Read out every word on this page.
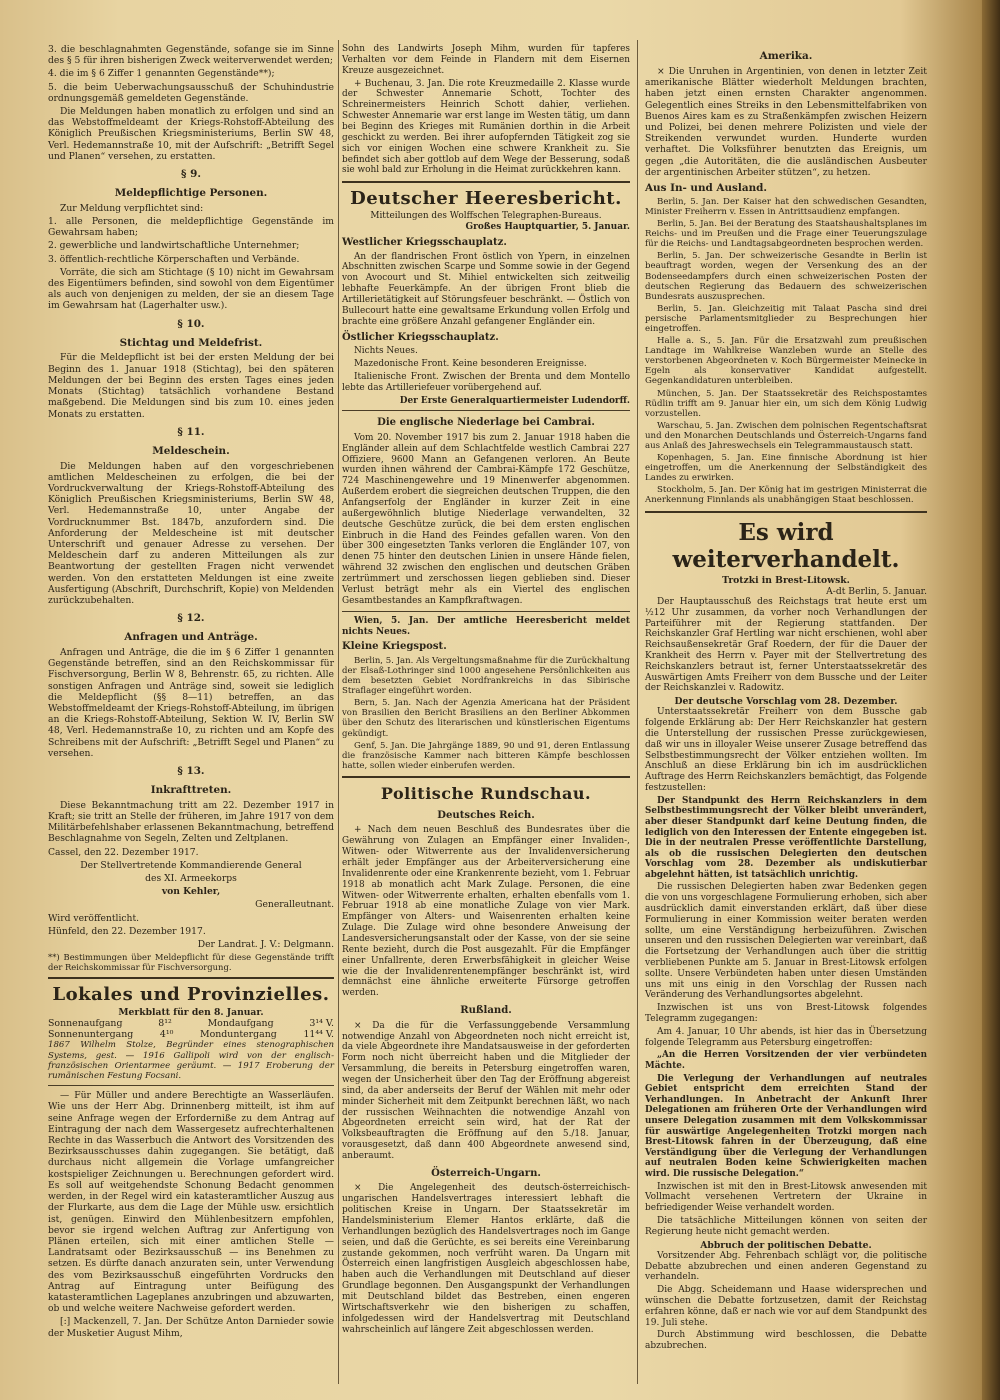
3. die beschlagnahmten Gegenstände, sofange sie im Sinne des § 5 für ihren bisherigen Zweck weiterverwendet werden;

4. die im § 6 Ziffer 1 genannten Gegenstände**);

5. die beim Ueberwachungsausschuß der Schuhindustrie ordnungsgemäß gemeldeten Gegenstände.

Die Meldungen haben monatlich zu erfolgen und sind an das Webstoffmeldeamt der Kriegs-Rohstoff-Abteilung des Königlich Preußischen Kriegsministeriums, Berlin SW 48, Verl. Hedemannstraße 10, mit der Aufschrift: „Betrifft Segel und Planen“ versehen, zu erstatten.

§ 9.
Meldepflichtige Personen.

Zur Meldung verpflichtet sind:

1. alle Personen, die meldepflichtige Gegenstände im Gewahrsam haben;

2. gewerbliche und landwirtschaftliche Unternehmer;

3. öffentlich-rechtliche Körperschaften und Verbände.

Vorräte, die sich am Stichtage (§ 10) nicht im Gewahrsam des Eigentümers befinden, sind sowohl von dem Eigentümer als auch von denjenigen zu melden, der sie an diesem Tage im Gewahrsam hat (Lagerhalter usw.).

§ 10.
Stichtag und Meldefrist.

Für die Meldepflicht ist bei der ersten Meldung der bei Beginn des 1. Januar 1918 (Stichtag), bei den späteren Meldungen der bei Beginn des ersten Tages eines jeden Monats (Stichtag) tatsächlich vorhandene Bestand maßgebend. Die Meldungen sind bis zum 10. eines jeden Monats zu erstatten.

§ 11.
Meldeschein.

Die Meldungen haben auf den vorgeschriebenen amtlichen Meldescheinen zu erfolgen, die bei der Vordruckverwaltung der Kriegs-Rohstoff-Abteilung des Königlich Preußischen Kriegsministeriums, Berlin SW 48, Verl. Hedemannstraße 10, unter Angabe der Vordrucknummer Bst. 1847b, anzufordern sind. Die Anforderung der Meldescheine ist mit deutscher Unterschrift und genauer Adresse zu versehen. Der Meldeschein darf zu anderen Mitteilungen als zur Beantwortung der gestellten Fragen nicht verwendet werden. Von den erstatteten Meldungen ist eine zweite Ausfertigung (Abschrift, Durchschrift, Kopie) von Meldenden zurückzubehalten.

§ 12.
Anfragen und Anträge.

Anfragen und Anträge, die die im § 6 Ziffer 1 genannten Gegenstände betreffen, sind an den Reichskommissar für Fischversorgung, Berlin W 8, Behrenstr. 65, zu richten. Alle sonstigen Anfragen und Anträge sind, soweit sie lediglich die Meldepflicht (§§ 8—11) betreffen, an das Webstoffmeldeamt der Kriegs-Rohstoff-Abteilung, im übrigen an die Kriegs-Rohstoff-Abteilung, Sektion W. IV, Berlin SW 48, Verl. Hedemannstraße 10, zu richten und am Kopfe des Schreibens mit der Aufschrift: „Betrifft Segel und Planen“ zu versehen.

§ 13.
Inkrafttreten.

Diese Bekanntmachung tritt am 22. Dezember 1917 in Kraft; sie tritt an Stelle der früheren, im Jahre 1917 von dem Militärbefehlshaber erlassenen Bekanntmachung, betreffend Beschlagnahme von Segeln, Zelten und Zeltplanen.

Cassel, den 22. Dezember 1917.

Der Stellvertretende Kommandierende General

des XI. Armeekorps

von Kehler,

Generalleutnant.

Wird veröffentlicht.

Hünfeld, den 22. Dezember 1917.

Der Landrat. J. V.: Delgmann.

**) Bestimmungen über Meldepflicht für diese Gegenstände trifft der Reichskommissar für Fischversorgung.

Lokales und Provinzielles.
Merkblatt für den 8. Januar.
Sonnenaufgang	8¹²	Mondaufgang	3¹⁴ V.
Sonnenuntergang	4¹⁰	Monduntergang	11⁴⁴ V.

1867 Wilhelm Stolze, Begründer eines stenographischen Systems, gest. — 1916 Gallipoli wird von der englisch-französischen Orientarmee geräumt. — 1917 Eroberung der rumänischen Festung Focsani.

— Für Müller und andere Berechtigte an Wasserläufen. Wie uns der Herr Abg. Drinnenberg mitteilt, ist ihm auf seine Anfrage wegen der Erforderniße zu dem Antrag auf Eintragung der nach dem Wassergesetz aufrechterhaltenen Rechte in das Wasserbuch die Antwort des Vorsitzenden des Bezirksausschusses dahin zugegangen. Sie betätigt, daß durchaus nicht allgemein die Vorlage umfangreicher kostspieliger Zeichnungen u. Berechnungen gefordert wird. Es soll auf weitgehendste Schonung Bedacht genommen werden, in der Regel wird ein katasteramtlicher Auszug aus der Flurkarte, aus dem die Lage der Mühle usw. ersichtlich ist, genügen. Einwird den Mühlenbesitzern empfohlen, bevor sie irgend welchen Auftrag zur Anfertigung von Plänen erteilen, sich mit einer amtlichen Stelle — Landratsamt oder Bezirksausschuß — ins Benehmen zu setzen. Es dürfte danach anzuraten sein, unter Verwendung des vom Bezirksausschuß eingeführten Vordrucks den Antrag auf Eintragung unter Beifügung des katasteramtlichen Lageplanes anzubringen und abzuwarten, ob und welche weitere Nachweise gefordert werden.

[:] Mackenzell, 7. Jan. Der Schütze Anton Darnieder sowie der Musketier August Mihm,

Sohn des Landwirts Joseph Mihm, wurden für tapferes Verhalten vor dem Feinde in Flandern mit dem Eisernen Kreuze ausgezeichnet.

+ Buchenau, 3. Jan. Die rote Kreuzmedaille 2. Klasse wurde der Schwester Annemarie Schott, Tochter des Schreinermeisters Heinrich Schott dahier, verliehen. Schwester Annemarie war erst lange im Westen tätig, um dann bei Beginn des Krieges mit Rumänien dorthin in die Arbeit geschickt zu werden. Bei ihrer aufopfernden Tätigkeit zog sie sich vor einigen Wochen eine schwere Krankheit zu. Sie befindet sich aber gottlob auf dem Wege der Besserung, sodaß sie wohl bald zur Erholung in die Heimat zurückkehren kann.

Deutscher Heeresbericht.
Mitteilungen des Wolffschen Telegraphen-Bureaus.
Großes Hauptquartier, 5. Januar.
Westlicher Kriegsschauplatz.

An der flandrischen Front östlich von Ypern, in einzelnen Abschnitten zwischen Scarpe und Somme sowie in der Gegend von Avocourt und St. Mihiel entwickelten sich zeitweilig lebhafte Feuerkämpfe. An der übrigen Front blieb die Artillerietätigkeit auf Störungsfeuer beschränkt. — Östlich von Bullecourt hatte eine gewaltsame Erkundung vollen Erfolg und brachte eine größere Anzahl gefangener Engländer ein.

Östlicher Kriegsschauplatz.

Nichts Neues.

Mazedonische Front. Keine besonderen Ereignisse.

Italienische Front. Zwischen der Brenta und dem Montello lebte das Artilleriefeuer vorübergehend auf.

Der Erste Generalquartiermeister Ludendorff.

Die englische Niederlage bei Cambrai.

Vom 20. November 1917 bis zum 2. Januar 1918 haben die Engländer allein auf dem Schlachtfelde westlich Cambrai 227 Offiziere, 9600 Mann an Gefangenen verloren. An Beute wurden ihnen während der Cambrai-Kämpfe 172 Geschütze, 724 Maschinengewehre und 19 Minenwerfer abgenommen. Außerdem erobert die siegreichen deutschen Truppen, die den Anfangserfolg der Engländer in kurzer Zeit in eine außergewöhnlich blutige Niederlage verwandelten, 32 deutsche Geschütze zurück, die bei dem ersten englischen Einbruch in die Hand des Feindes gefallen waren. Von den über 300 eingesetzten Tanks verloren die Engländer 107, von denen 75 hinter den deutschen Linien in unsere Hände fielen, während 32 zwischen den englischen und deutschen Gräben zertrümmert und zerschossen liegen geblieben sind. Dieser Verlust beträgt mehr als ein Viertel des englischen Gesamtbestandes an Kampfkraftwagen.

Wien, 5. Jan. Der amtliche Heeresbericht meldet nichts Neues.

Kleine Kriegspost.

Berlin, 5. Jan. Als Vergeltungsmaßnahme für die Zurückhaltung der Elsaß-Lothringer sind 1000 angesehene Persönlichkeiten aus dem besetzten Gebiet Nordfrankreichs in das Sibirische Straflager eingeführt worden.

Bern, 5. Jan. Nach der Agenzia Americana hat der Präsident von Brasilien den Bericht Brasiliens an den Berliner Abkommen über den Schutz des literarischen und künstlerischen Eigentums gekündigt.

Genf, 5. Jan. Die Jahrgänge 1889, 90 und 91, deren Entlassung die französische Kammer nach bitteren Kämpfe beschlossen hatte, sollen wieder einberufen werden.

Politische Rundschau.
Deutsches Reich.

+ Nach dem neuen Beschluß des Bundesrates über die Gewährung von Zulagen an Empfänger einer Invaliden-, Witwen- oder Witwerrente aus der Invalidenversicherung erhält jeder Empfänger aus der Arbeiterversicherung eine Invalidenrente oder eine Krankenrente bezieht, vom 1. Februar 1918 ab monatlich acht Mark Zulage. Personen, die eine Witwen- oder Witwerrente erhalten, erhalten ebenfalls vom 1. Februar 1918 ab eine monatliche Zulage von vier Mark. Empfänger von Alters- und Waisenrenten erhalten keine Zulage. Die Zulage wird ohne besondere Anweisung der Landesversicherungsanstalt oder der Kasse, von der sie seine Rente bezieht, durch die Post ausgezahlt. Für die Empfänger einer Unfallrente, deren Erwerbsfähigkeit in gleicher Weise wie die der Invalidenrentenempfänger beschränkt ist, wird demnächst eine ähnliche erweiterte Fürsorge getroffen werden.

Rußland.

× Da die für die Verfassunggebende Versammlung notwendige Anzahl von Abgeordneten noch nicht erreicht ist, da viele Abgeordnete ihre Mandatsausweise in der geforderten Form noch nicht überreicht haben und die Mitglieder der Versammlung, die bereits in Petersburg eingetroffen waren, wegen der Unsicherheit über den Tag der Eröffnung abgereist sind, da aber anderseits der Beruf der Wählen mit mehr oder minder Sicherheit mit dem Zeitpunkt berechnen läßt, wo nach der russischen Weihnachten die notwendige Anzahl von Abgeordneten erreicht sein wird, hat der Rat der Volksbeauftragten die Eröffnung auf den 5./18. Januar, vorausgesetzt, daß dann 400 Abgeordnete anwesend sind, anberaumt.

Österreich-Ungarn.

× Die Angelegenheit des deutsch-österreichisch-ungarischen Handelsvertrages interessiert lebhaft die politischen Kreise in Ungarn. Der Staatssekretär im Handelsministerium Elemer Hantos erklärte, daß die Verhandlungen bezüglich des Handelsvertrages noch im Gange seien, und daß die Gerüchte, es sei bereits eine Vereinbarung zustande gekommen, noch verfrüht waren. Da Ungarn mit Österreich einen langfristigen Ausgleich abgeschlossen habe, haben auch die Verhandlungen mit Deutschland auf dieser Grundlage begonnen. Den Ausgangspunkt der Verhandlungen mit Deutschland bildet das Bestreben, einen engeren Wirtschaftsverkehr wie den bisherigen zu schaffen, infolgedessen wird der Handelsvertrag mit Deutschland wahrscheinlich auf längere Zeit abgeschlossen werden.

Amerika.

× Die Unruhen in Argentinien, von denen in letzter Zeit amerikanische Blätter wiederholt Meldungen brachten, haben jetzt einen ernsten Charakter angenommen. Gelegentlich eines Streiks in den Lebensmittelfabriken von Buenos Aires kam es zu Straßenkämpfen zwischen Heizern und Polizei, bei denen mehrere Polizisten und viele der Streikenden verwundet wurden. Hunderte wurden verhaftet. Die Volksführer benutzten das Ereignis, um gegen „die Autoritäten, die die ausländischen Ausbeuter der argentinischen Arbeiter stützen“, zu hetzen.

Aus In- und Ausland.

Berlin, 5. Jan. Der Kaiser hat den schwedischen Gesandten, Minister Freiherrn v. Essen in Antrittsaudienz empfangen.

Berlin, 5. Jan. Bei der Beratung des Staatshaushaltsplanes im Reichs- und im Preußen und die Frage einer Teuerungszulage für die Reichs- und Landtagsabgeordneten besprochen werden.

Berlin, 5. Jan. Der schweizerische Gesandte in Berlin ist beauftragt worden, wegen der Versenkung des an der Bodenseedampfers durch einen schweizerischen Posten der deutschen Regierung das Bedauern des schweizerischen Bundesrats auszusprechen.

Berlin, 5. Jan. Gleichzeitig mit Talaat Pascha sind drei persische Parlamentsmitglieder zu Besprechungen hier eingetroffen.

Halle a. S., 5. Jan. Für die Ersatzwahl zum preußischen Landtage im Wahlkreise Wanzleben wurde an Stelle des verstorbenen Abgeordneten v. Koch Bürgermeister Meinecke in Egeln als konservativer Kandidat aufgestellt. Gegenkandidaturen unterbleiben.

München, 5. Jan. Der Staatssekretär des Reichspostamtes Rüdlin trifft am 9. Januar hier ein, um sich dem König Ludwig vorzustellen.

Warschau, 5. Jan. Zwischen dem polnischen Regentschaftsrat und den Monarchen Deutschlands und Österreich-Ungarns fand aus Anlaß des Jahreswechsels ein Telegrammaustausch statt.

Kopenhagen, 5. Jan. Eine finnische Abordnung ist hier eingetroffen, um die Anerkennung der Selbständigkeit des Landes zu erwirken.

Stockholm, 5. Jan. Der König hat im gestrigen Ministerrat die Anerkennung Finnlands als unabhängigen Staat beschlossen.

Es wird weiterverhandelt.
Trotzki in Brest-Litowsk.
A-dt Berlin, 5. Januar.

Der Hauptausschuß des Reichstags trat heute erst um ½12 Uhr zusammen, da vorher noch Verhandlungen der Parteiführer mit der Regierung stattfanden. Der Reichskanzler Graf Hertling war nicht erschienen, wohl aber Reichsaußensekretär Graf Roedern, der für die Dauer der Krankheit des Herrn v. Payer mit der Stellvertretung des Reichskanzlers betraut ist, ferner Unterstaatssekretär des Auswärtigen Amts Freiherr von dem Bussche und der Leiter der Reichskanzlei v. Radowitz.

Der deutsche Vorschlag vom 28. Dezember.

Unterstaatssekretär Freiherr von dem Bussche gab folgende Erklärung ab: Der Herr Reichskanzler hat gestern die Unterstellung der russischen Presse zurückgewiesen, daß wir uns in illoyaler Weise unserer Zusage betreffend das Selbstbestimmungsrecht der Völker entziehen wollten. Im Anschluß an diese Erklärung bin ich im ausdrücklichen Auftrage des Herrn Reichskanzlers bemächtigt, das Folgende festzustellen:

Der Standpunkt des Herrn Reichskanzlers in dem Selbstbestimmungsrecht der Völker bleibt unverändert, aber dieser Standpunkt darf keine Deutung finden, die lediglich von den Interessen der Entente eingegeben ist. Die in der neutralen Presse veröffentlichte Darstellung, als ob die russischen Delegierten den deutschen Vorschlag vom 28. Dezember als undiskutierbar abgelehnt hätten, ist tatsächlich unrichtig.

Die russischen Delegierten haben zwar Bedenken gegen die von uns vorgeschlagene Formulierung erhoben, sich aber ausdrücklich damit einverstanden erklärt, daß über diese Formulierung in einer Kommission weiter beraten werden sollte, um eine Verständigung herbeizuführen. Zwischen unseren und den russischen Delegierten war vereinbart, daß die Fortsetzung der Verhandlungen auch über die strittig verbliebenen Punkte am 5. Januar in Brest-Litowsk erfolgen sollte. Unsere Verbündeten haben unter diesen Umständen uns mit uns einig in den Vorschlag der Russen nach Veränderung des Verhandlungsortes abgelehnt.

Inzwischen ist uns von Brest-Litowsk folgendes Telegramm zugegangen:

Am 4. Januar, 10 Uhr abends, ist hier das in Übersetzung folgende Telegramm aus Petersburg eingetroffen:

„An die Herren Vorsitzenden der vier verbündeten Mächte.

Die Verlegung der Verhandlungen auf neutrales Gebiet entspricht dem erreichten Stand der Verhandlungen. In Anbetracht der Ankunft Ihrer Delegationen am früheren Orte der Verhandlungen wird unsere Delegation zusammen mit dem Volkskommissar für auswärtige Angelegenheiten Trotzki morgen nach Brest-Litowsk fahren in der Überzeugung, daß eine Verständigung über die Verlegung der Verhandlungen auf neutralen Boden keine Schwierigkeiten machen wird. Die russische Delegation.“

Inzwischen ist mit den in Brest-Litowsk anwesenden mit Vollmacht versehenen Vertretern der Ukraine in befriedigender Weise verhandelt worden.

Die tatsächliche Mitteilungen können von seiten der Regierung heute nicht gemacht werden.

Abbruch der politischen Debatte.

Vorsitzender Abg. Fehrenbach schlägt vor, die politische Debatte abzubrechen und einen anderen Gegenstand zu verhandeln.

Die Abgg. Scheidemann und Haase widersprechen und wünschen die Debatte fortzusetzen, damit der Reichstag erfahren könne, daß er nach wie vor auf dem Standpunkt des 19. Juli stehe.

Durch Abstimmung wird beschlossen, die Debatte abzubrechen.
